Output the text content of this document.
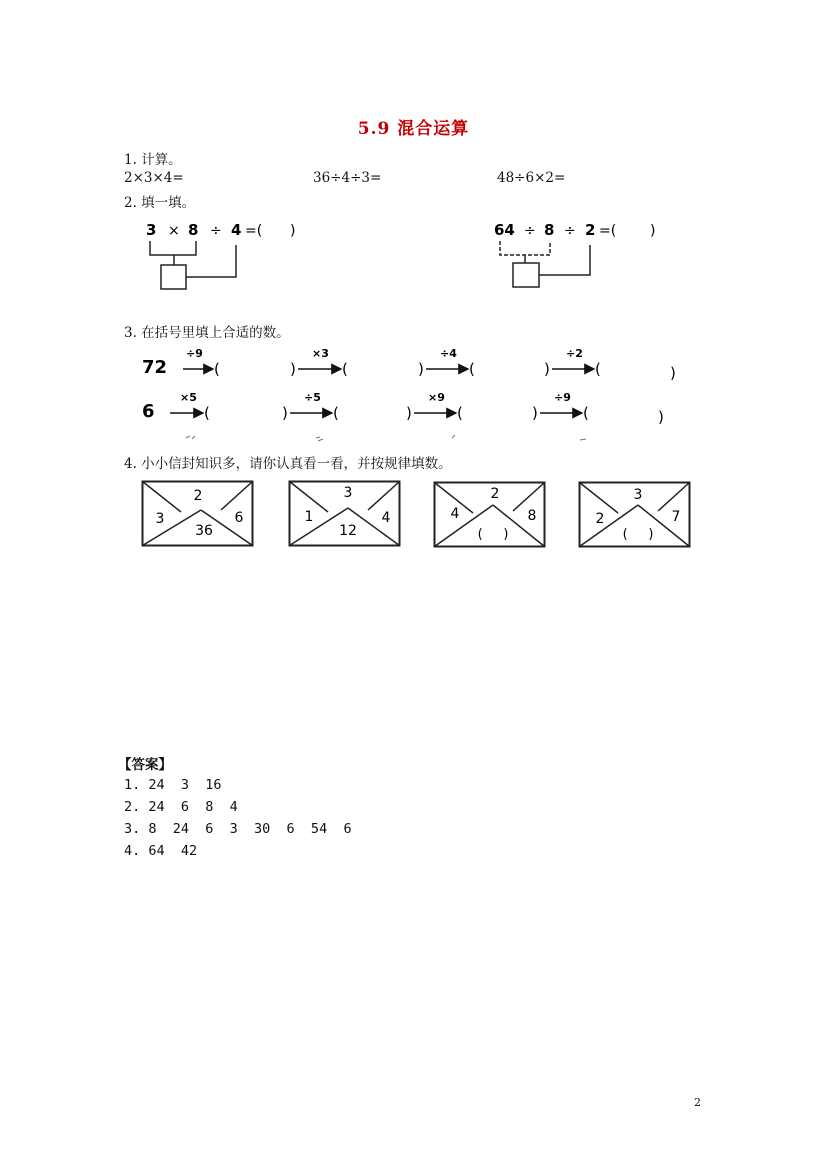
5.9 混合运算
1. 计算。
2×3×4=	36÷4÷3=	48÷6×2=
2. 填一填。
3 × 8 ÷ 4 =( )	64 ÷ 8 ÷ 2 =( )
3. 在括号里填上合适的数。
72
÷9
(	)
×3
(	)
÷4
(	)
÷2
(	)
6
×5
(	)
÷5
(	)
×9
(	)
÷9
(	)
4. 小小信封知识多，请你认真看一看，并按规律填数。
2
3	6
36
3
1	4
12
2
4	8
(     )
3
2	7
(     )
【答案】
1. 24  3  16
2. 24  6  8  4
3. 8  24  6  3  30  6  54  6
4. 64  42
2
